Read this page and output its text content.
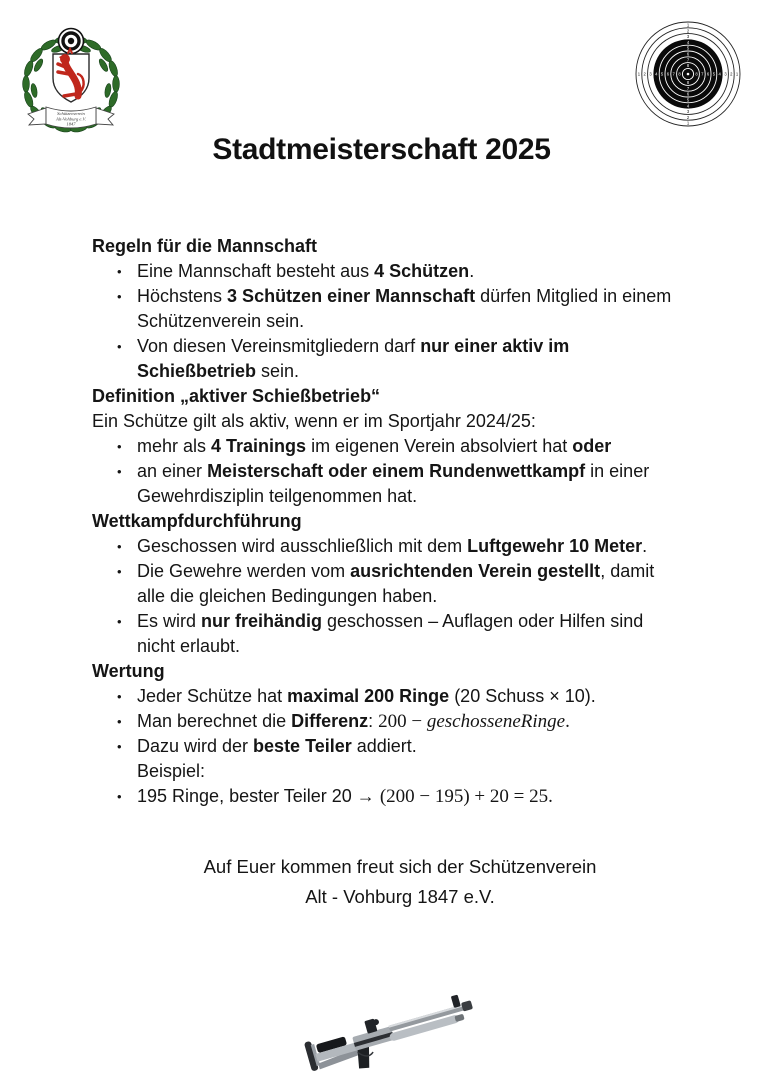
Schützenverein
Alt-Vohburg e.V.
1847
1	1
1
1
2	2
2
2
3	3
3
3
4	4
4
4
5	5
5
5
6	6
6
6
7	7
7
7
8	8
8
8
Stadtmeisterschaft 2025
Regeln für die Mannschaft
• Eine Mannschaft besteht aus 4 Schützen.
• Höchstens 3 Schützen einer Mannschaft dürfen Mitglied in einem Schützenverein sein.
• Von diesen Vereinsmitgliedern darf nur einer aktiv im Schießbetrieb sein.
Definition „aktiver Schießbetrieb“
Ein Schütze gilt als aktiv, wenn er im Sportjahr 2024/25:
• mehr als 4 Trainings im eigenen Verein absolviert hat oder
• an einer Meisterschaft oder einem Rundenwettkampf in einer Gewehrdisziplin teilgenommen hat.
Wettkampfdurchführung
• Geschossen wird ausschließlich mit dem Luftgewehr 10 Meter.
• Die Gewehre werden vom ausrichtenden Verein gestellt, damit alle die gleichen Bedingungen haben.
• Es wird nur freihändig geschossen – Auflagen oder Hilfen sind nicht erlaubt.
Wertung
• Jeder Schütze hat maximal 200 Ringe (20 Schuss × 10).
• Man berechnet die Differenz: 200 − geschosseneRinge.
• Dazu wird der beste Teiler addiert.
Beispiel:
• 195 Ringe, bester Teiler 20 → (200 − 195) + 20 = 25.
Auf Euer kommen freut sich der Schützenverein
Alt - Vohburg 1847 e.V.
